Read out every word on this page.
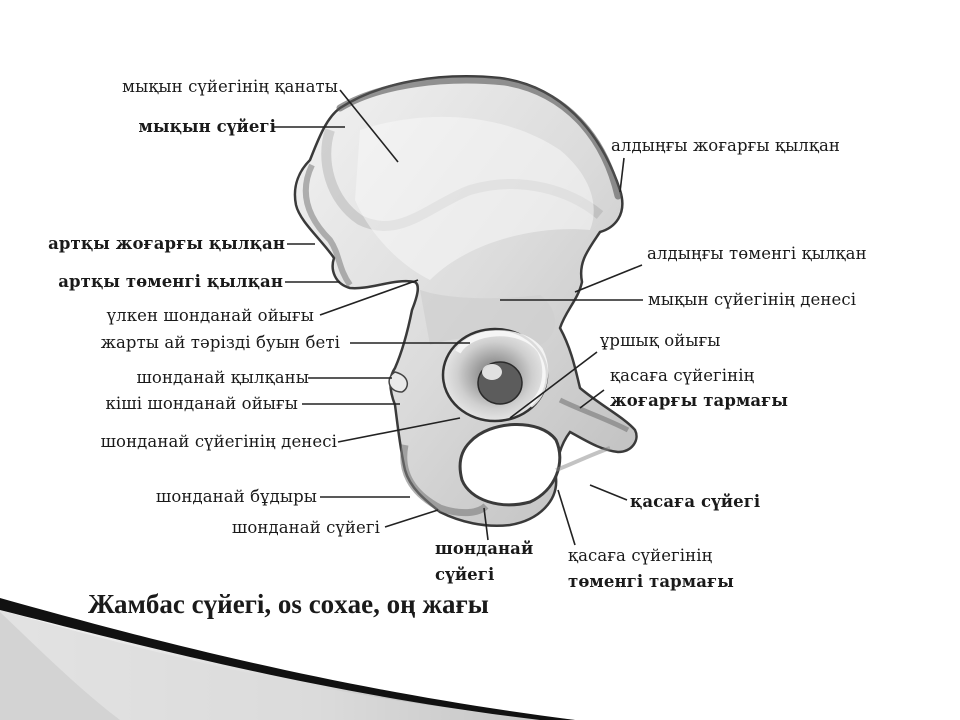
мықын сүйегінің қанаты
мықын сүйегі
артқы жоғарғы қылқан
артқы төменгі қылқан
үлкен шонданай ойығы
жарты ай тәрізді буын беті
шонданай қылқаны
кіші шонданай ойығы
шонданай сүйегінің денесі
шонданай бұдыры
шонданай сүйегі
алдыңғы жоғарғы қылқан
алдыңғы төменгі қылқан
мықын сүйегінің денесі
ұршық ойығы
қасаға сүйегінің
жоғарғы тармағы
қасаға сүйегі
шонданай
сүйегі
қасаға сүйегінің
төменгі тармағы
Жамбас сүйегі, os coxae, оң жағы
